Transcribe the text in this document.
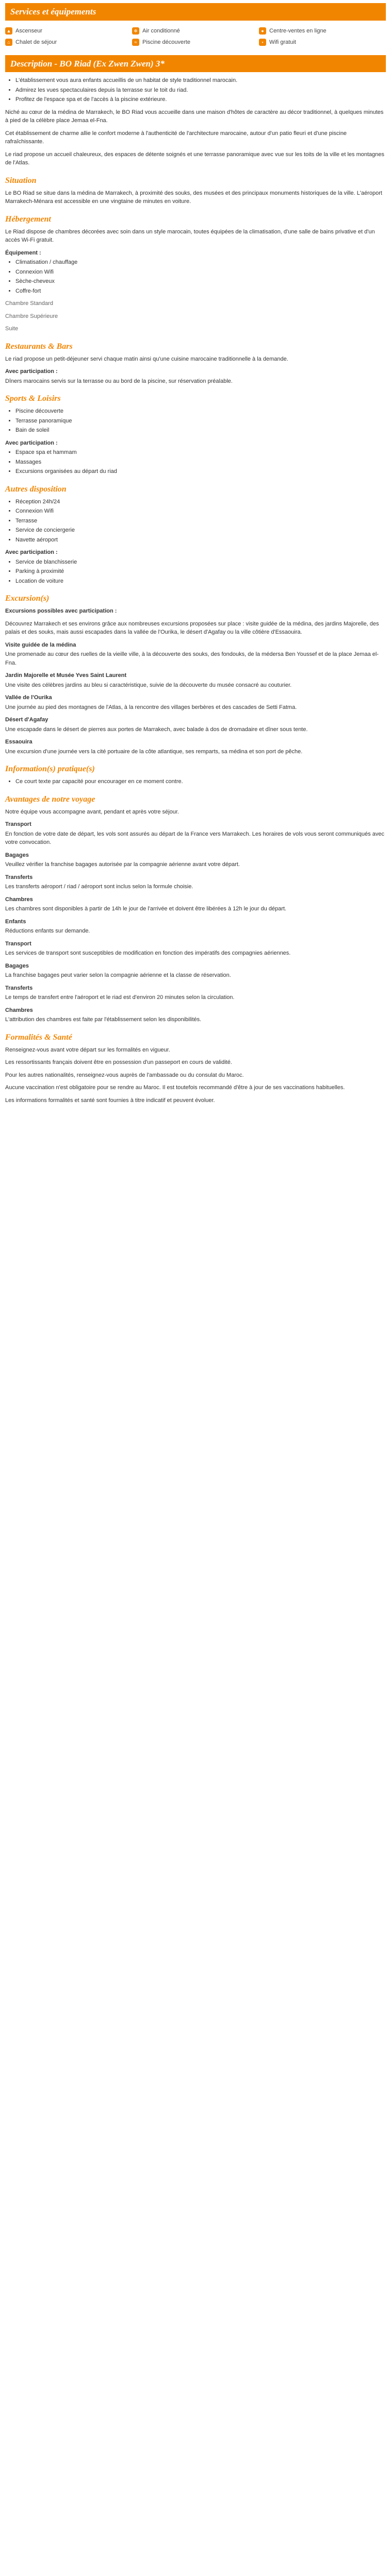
Services et équipements
▲ Ascenseur	❄ Air conditionné	● Centre-ventes en ligne
⌂ Chalet de séjour	≈ Piscine découverte	⋆ Wifi gratuit
Description - BO Riad (Ex Zwen Zwen) 3*
• L'établissement vous aura enfants accueillis de un habitat de style traditionnel marocain.
• Admirez les vues spectaculaires depuis la terrasse sur le toit du riad.
• Profitez de l'espace spa et de l'accès à la piscine extérieure.

Niché au cœur de la médina de Marrakech, le BO Riad vous accueille dans une maison d'hôtes de caractère au décor traditionnel, à quelques minutes à pied de la célèbre place Jemaa el-Fna.

Cet établissement de charme allie le confort moderne à l'authenticité de l'architecture marocaine, autour d'un patio fleuri et d'une piscine rafraîchissante.

Le riad propose un accueil chaleureux, des espaces de détente soignés et une terrasse panoramique avec vue sur les toits de la ville et les montagnes de l'Atlas.

Situation

Le BO Riad se situe dans la médina de Marrakech, à proximité des souks, des musées et des principaux monuments historiques de la ville. L'aéroport Marrakech-Ménara est accessible en une vingtaine de minutes en voiture.

Hébergement

Le Riad dispose de chambres décorées avec soin dans un style marocain, toutes équipées de la climatisation, d'une salle de bains privative et d'un accès Wi-Fi gratuit.

Équipement :

• Climatisation / chauffage
• Connexion Wifi
• Sèche-cheveux
• Coffre-fort

Chambre Standard

Chambre Supérieure

Suite

Restaurants & Bars

Le riad propose un petit-déjeuner servi chaque matin ainsi qu'une cuisine marocaine traditionnelle à la demande.

Avec participation :

Dîners marocains servis sur la terrasse ou au bord de la piscine, sur réservation préalable.

Sports & Loisirs
• Piscine découverte
• Terrasse panoramique
• Bain de soleil

Avec participation :

• Espace spa et hammam
• Massages
• Excursions organisées au départ du riad
Autres disposition
• Réception 24h/24
• Connexion Wifi
• Terrasse
• Service de conciergerie
• Navette aéroport

Avec participation :

• Service de blanchisserie
• Parking à proximité
• Location de voiture
Excursion(s)

Excursions possibles avec participation :

Découvrez Marrakech et ses environs grâce aux nombreuses excursions proposées sur place : visite guidée de la médina, des jardins Majorelle, des palais et des souks, mais aussi escapades dans la vallée de l'Ourika, le désert d'Agafay ou la ville côtière d'Essaouira.

Visite guidée de la médina

Une promenade au cœur des ruelles de la vieille ville, à la découverte des souks, des fondouks, de la médersa Ben Youssef et de la place Jemaa el-Fna.

Jardin Majorelle et Musée Yves Saint Laurent

Une visite des célèbres jardins au bleu si caractéristique, suivie de la découverte du musée consacré au couturier.

Vallée de l'Ourika

Une journée au pied des montagnes de l'Atlas, à la rencontre des villages berbères et des cascades de Setti Fatma.

Désert d'Agafay

Une escapade dans le désert de pierres aux portes de Marrakech, avec balade à dos de dromadaire et dîner sous tente.

Essaouira

Une excursion d'une journée vers la cité portuaire de la côte atlantique, ses remparts, sa médina et son port de pêche.

Information(s) pratique(s)
• Ce court texte par capacité pour encourager en ce moment contre.
Avantages de notre voyage

Notre équipe vous accompagne avant, pendant et après votre séjour.

Transport

En fonction de votre date de départ, les vols sont assurés au départ de la France vers Marrakech. Les horaires de vols vous seront communiqués avec votre convocation.

Bagages

Veuillez vérifier la franchise bagages autorisée par la compagnie aérienne avant votre départ.

Transferts

Les transferts aéroport / riad / aéroport sont inclus selon la formule choisie.

Chambres

Les chambres sont disponibles à partir de 14h le jour de l'arrivée et doivent être libérées à 12h le jour du départ.

Enfants

Réductions enfants sur demande.

Transport

Les services de transport sont susceptibles de modification en fonction des impératifs des compagnies aériennes.

Bagages

La franchise bagages peut varier selon la compagnie aérienne et la classe de réservation.

Transferts

Le temps de transfert entre l'aéroport et le riad est d'environ 20 minutes selon la circulation.

Chambres

L'attribution des chambres est faite par l'établissement selon les disponibilités.

Formalités & Santé

Renseignez-vous avant votre départ sur les formalités en vigueur.

Les ressortissants français doivent être en possession d'un passeport en cours de validité.

Pour les autres nationalités, renseignez-vous auprès de l'ambassade ou du consulat du Maroc.

Aucune vaccination n'est obligatoire pour se rendre au Maroc. Il est toutefois recommandé d'être à jour de ses vaccinations habituelles.

Les informations formalités et santé sont fournies à titre indicatif et peuvent évoluer.
